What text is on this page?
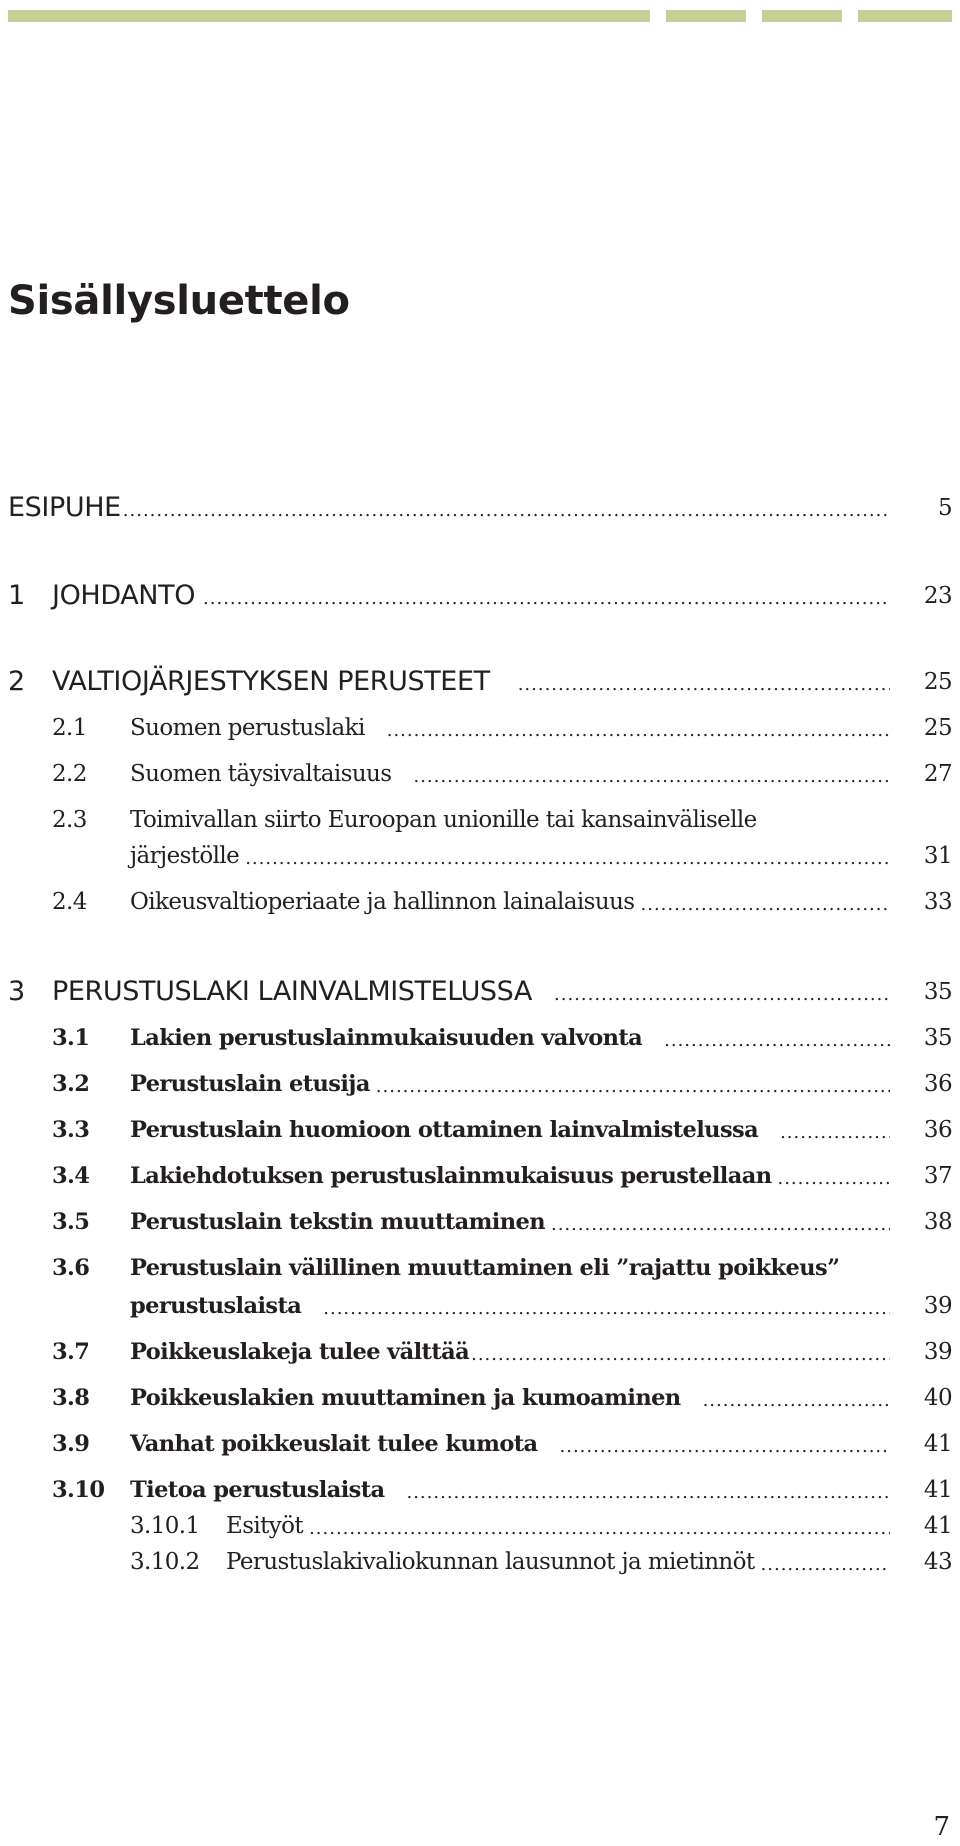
Sisällysluettelo
ESIPUHE .....	5
1	JOHDANTO .....	23
2	VALTIOJÄRJESTYKSEN PERUSTEET .....	25
2.1	Suomen perustuslaki .....	25
2.2	Suomen täysivaltaisuus .....	27
2.3	Toimivallan siirto Euroopan unionille tai kansainväliselle
järjestölle .....	31
2.4	Oikeusvaltioperiaate ja hallinnon lainalaisuus .....	33
3	PERUSTUSLAKI LAINVALMISTELUSSA .....	35
3.1	Lakien perustuslainmukaisuuden valvonta .....	35
3.2	Perustuslain etusija .....	36
3.3	Perustuslain huomioon ottaminen lainvalmistelussa .....	36
3.4	Lakiehdotuksen perustuslainmukaisuus perustellaan .....	37
3.5	Perustuslain tekstin muuttaminen .....	38
3.6	Perustuslain välillinen muuttaminen eli ”rajattu poikkeus”
perustuslaista .....	39
3.7	Poikkeuslakeja tulee välttää .....	39
3.8	Poikkeuslakien muuttaminen ja kumoaminen .....	40
3.9	Vanhat poikkeuslait tulee kumota .....	41
3.10	Tietoa perustuslaista .....	41
3.10.1	Esityöt .....	41
3.10.2	Perustuslakivaliokunnan lausunnot ja mietinnöt .....	43
7
